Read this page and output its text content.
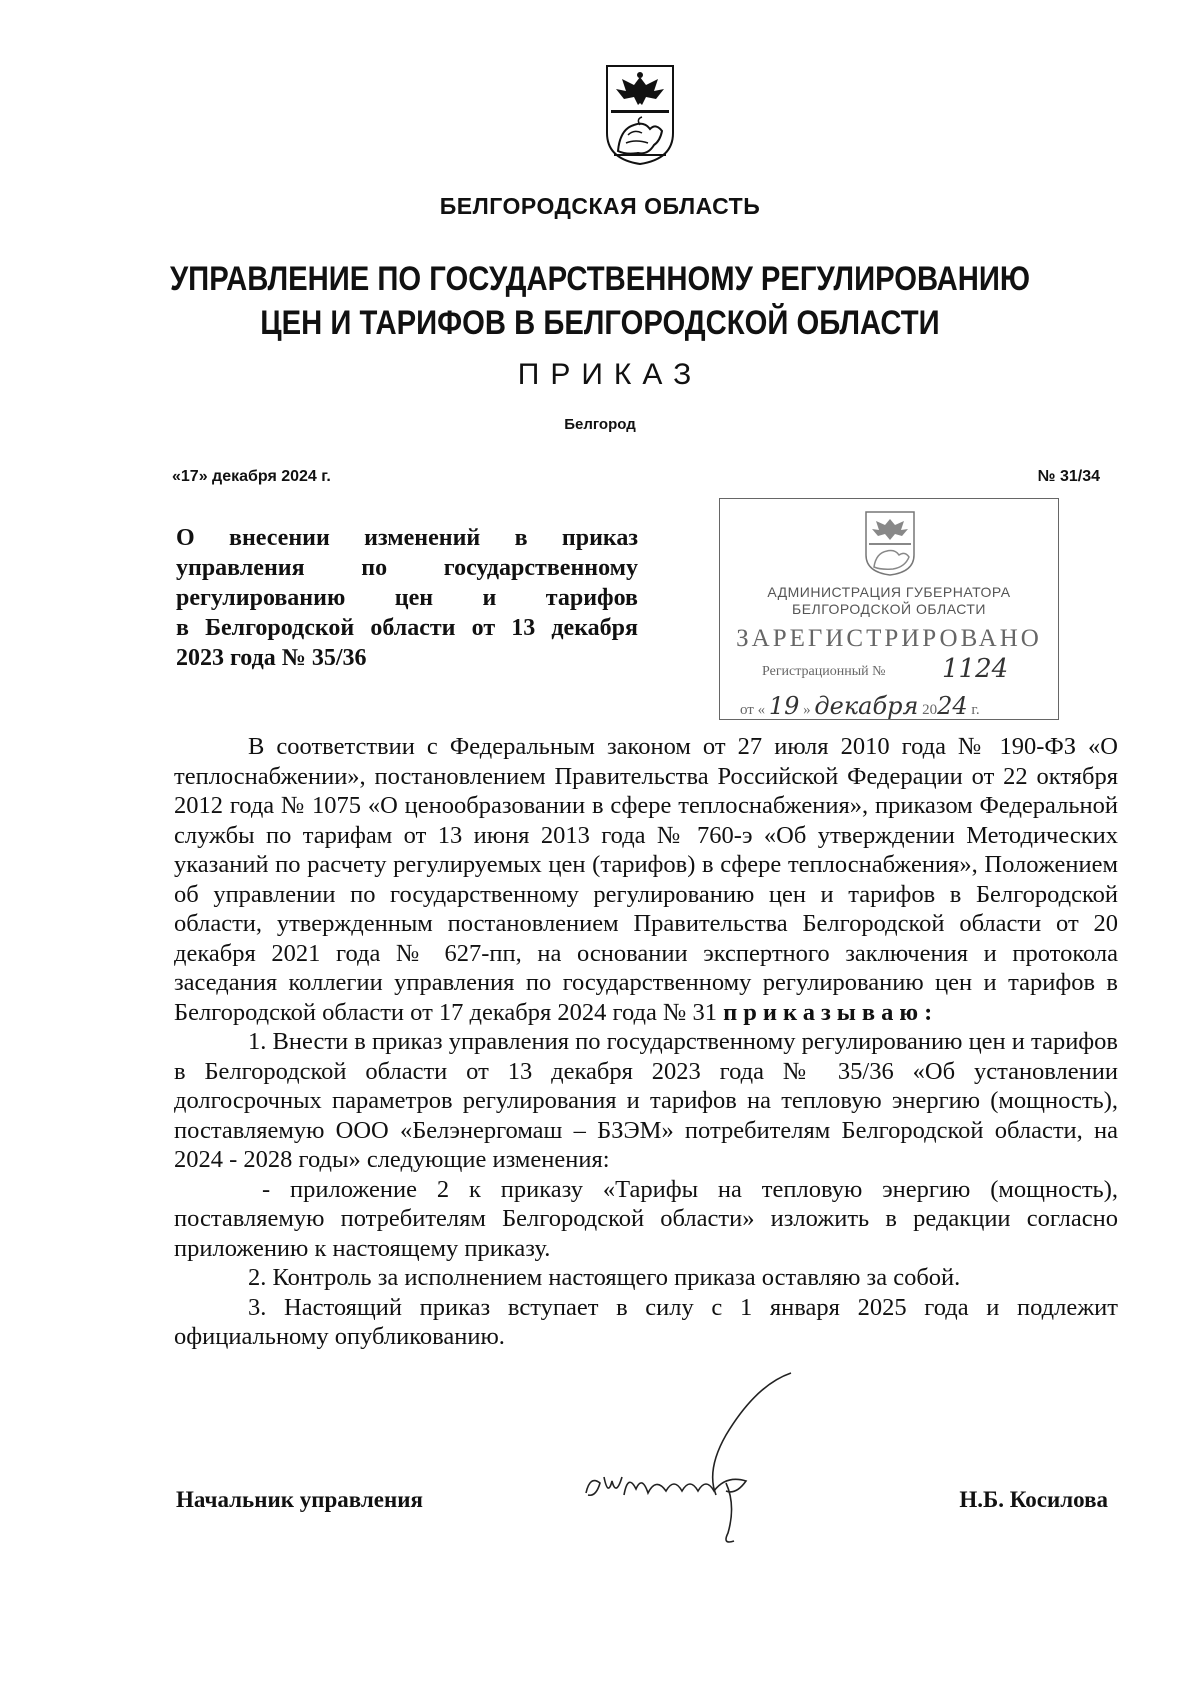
БЕЛГОРОДСКАЯ ОБЛАСТЬ
УПРАВЛЕНИЕ ПО ГОСУДАРСТВЕННОМУ РЕГУЛИРОВАНИЮ
ЦЕН И ТАРИФОВ В БЕЛГОРОДСКОЙ ОБЛАСТИ
ПРИКАЗ
Белгород
«17» декабря 2024 г.	№ 31/34
О внесении изменений в приказ
управления по государственному
регулированию цен и тарифов
в Белгородской области от 13 декабря
2023 года № 35/36
АДМИНИСТРАЦИЯ ГУБЕРНАТОРА
БЕЛГОРОДСКОЙ ОБЛАСТИ
ЗАРЕГИСТРИРОВАНО
Регистрационный № 1124
от « 19 » декабря 2024 г.

В соответствии с Федеральным законом от 27 июля 2010 года № 190-ФЗ «О теплоснабжении», постановлением Правительства Российской Федерации от 22 октября 2012 года № 1075 «О ценообразовании в сфере теплоснабжения», приказом Федеральной службы по тарифам от 13 июня 2013 года № 760-э «Об утверждении Методических указаний по расчету регулируемых цен (тарифов) в сфере теплоснабжения», Положением об управлении по государственному регулированию цен и тарифов в Белгородской области, утвержденным постановлением Правительства Белгородской области от 20 декабря 2021 года № 627-пп, на основании экспертного заключения и протокола заседания коллегии управления по государственному регулированию цен и тарифов в Белгородской области от 17 декабря 2024 года № 31 приказываю:

1. Внести в приказ управления по государственному регулированию цен и тарифов в Белгородской области от 13 декабря 2023 года № 35/36 «Об установлении долгосрочных параметров регулирования и тарифов на тепловую энергию (мощность), поставляемую ООО «Белэнергомаш – БЗЭМ» потребителям Белгородской области, на 2024 - 2028 годы» следующие изменения:

- приложение 2 к приказу «Тарифы на тепловую энергию (мощность), поставляемую потребителям Белгородской области» изложить в редакции согласно приложению к настоящему приказу.

2. Контроль за исполнением настоящего приказа оставляю за собой.

3. Настоящий приказ вступает в силу с 1 января 2025 года и подлежит официальному опубликованию.

Начальник управления	Н.Б. Косилова
